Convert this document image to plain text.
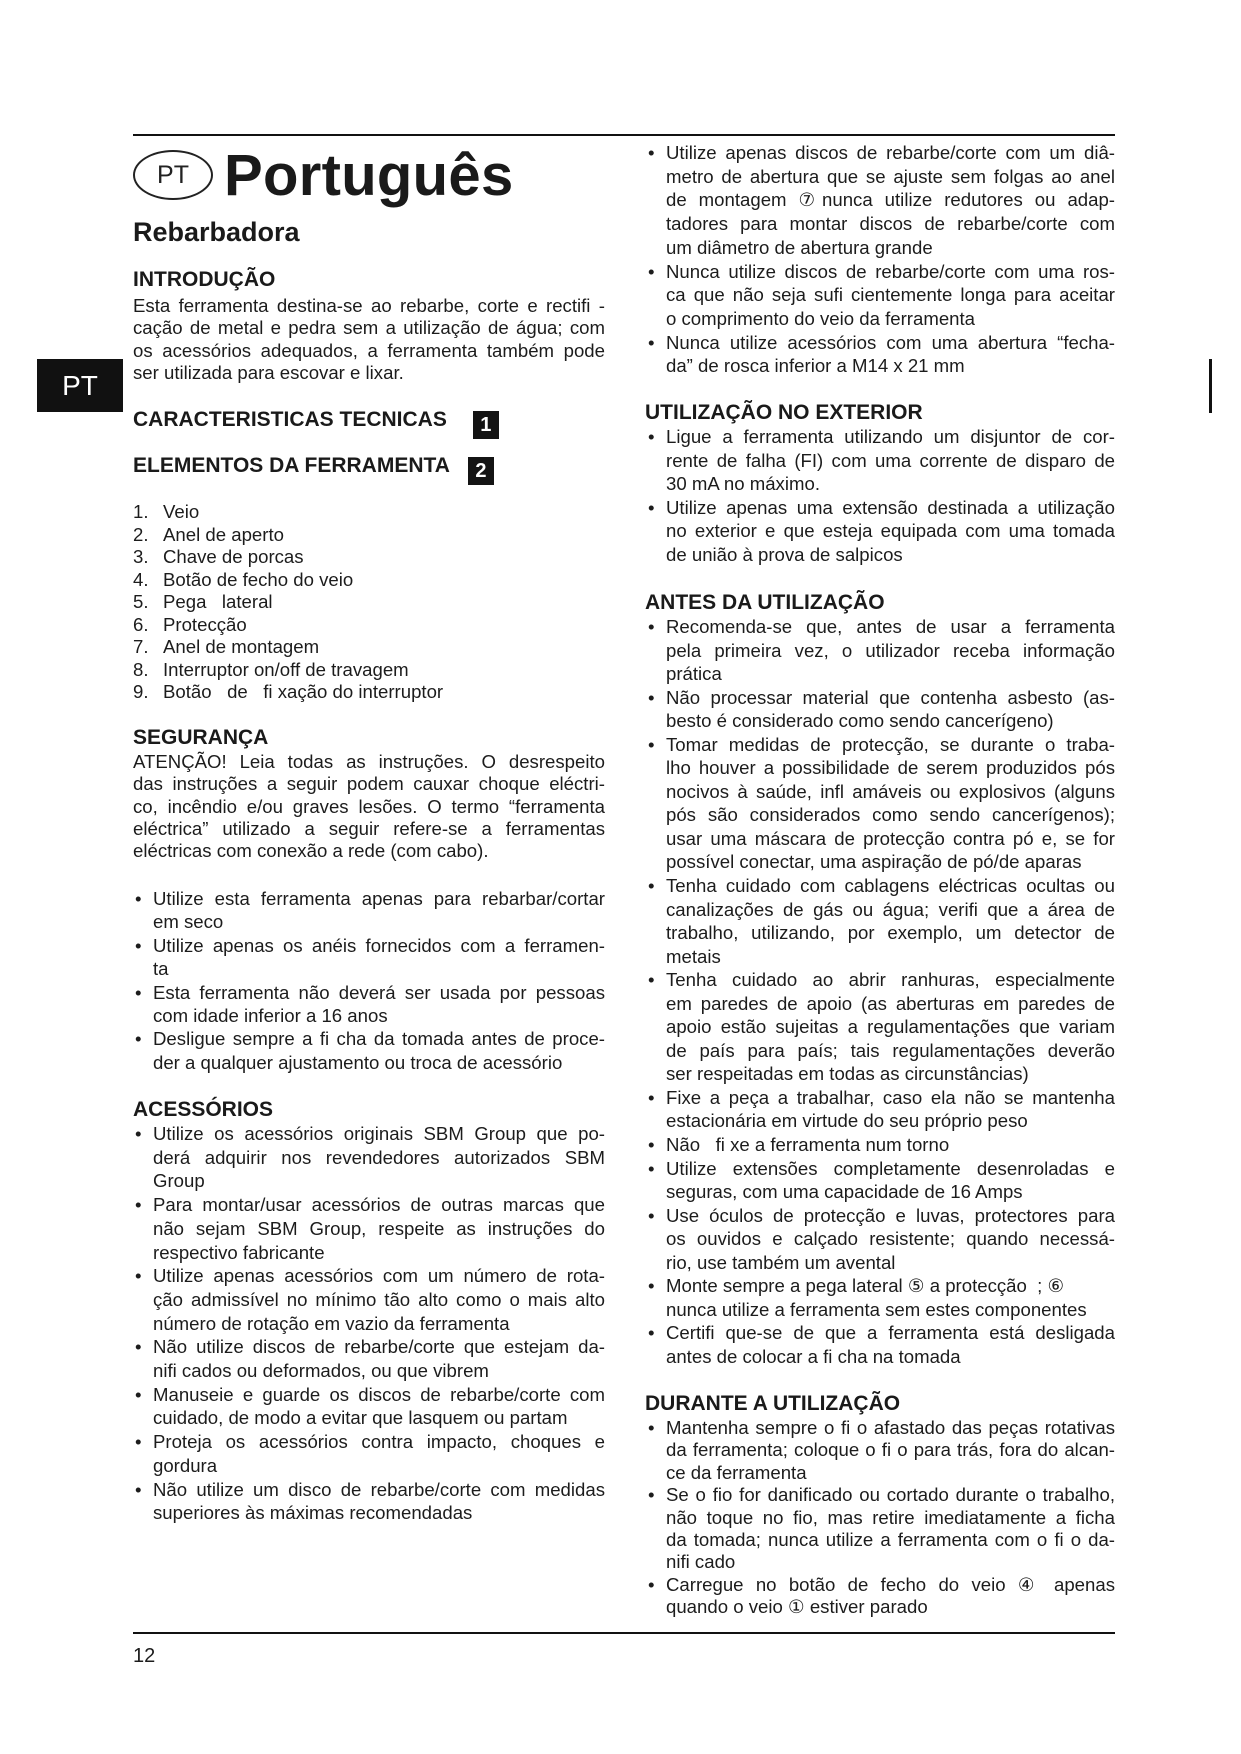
PT
PT Português
Rebarbadora
INTRODUÇÃO
Esta ferramenta destina-se ao rebarbe, corte e rectifi -
cação de metal e pedra sem a utilização de água; com
os acessórios adequados, a ferramenta também pode
ser utilizada para escovar e lixar.
CARACTERISTICAS TECNICAS 1
ELEMENTOS DA FERRAMENTA 2
1. Veio
2. Anel de aperto
3. Chave de porcas
4. Botão de fecho do veio
5. Pega   lateral
6. Protecção
7. Anel de montagem
8. Interruptor on/off de travagem
9. Botão   de   fi xação do interruptor
SEGURANÇA
ATENÇÃO! Leia todas as instruções. O desrespeito
das instruções a seguir podem cauxar choque eléctri-
co, incêndio e/ou graves lesões. O termo “ferramenta
eléctrica” utilizado a seguir refere-se a ferramentas
eléctricas com conexão a rede (com cabo).
• Utilize esta ferramenta apenas para rebarbar/cortar
em seco
• Utilize apenas os anéis fornecidos com a ferramen-
ta
• Esta ferramenta não deverá ser usada por pessoas
com idade inferior a 16 anos
• Desligue sempre a fi cha da tomada antes de proce-
der a qualquer ajustamento ou troca de acessório
ACESSÓRIOS
• Utilize os acessórios originais SBM Group que po-
derá adquirir nos revendedores autorizados SBM
Group
• Para montar/usar acessórios de outras marcas que
não sejam SBM Group, respeite as instruções do
respectivo fabricante
• Utilize apenas acessórios com um número de rota-
ção admissível no mínimo tão alto como o mais alto
número de rotação em vazio da ferramenta
• Não utilize discos de rebarbe/corte que estejam da-
nifi cados ou deformados, ou que vibrem
• Manuseie e guarde os discos de rebarbe/corte com
cuidado, de modo a evitar que lasquem ou partam
• Proteja os acessórios contra impacto, choques e
gordura
• Não utilize um disco de rebarbe/corte com medidas
superiores às máximas recomendadas
• Utilize apenas discos de rebarbe/corte com um diâ-
metro de abertura que se ajuste sem folgas ao anel
de montagem ⑦nunca utilize redutores ou adap-
tadores para montar discos de rebarbe/corte com
um diâmetro de abertura grande
• Nunca utilize discos de rebarbe/corte com uma ros-
ca que não seja sufi cientemente longa para aceitar
o comprimento do veio da ferramenta
• Nunca utilize acessórios com uma abertura “fecha-
da” de rosca inferior a M14 x 21 mm
UTILIZAÇÃO NO EXTERIOR
• Ligue a ferramenta utilizando um disjuntor de cor-
rente de falha (FI) com uma corrente de disparo de
30 mA no máximo.
• Utilize apenas uma extensão destinada a utilização
no exterior e que esteja equipada com uma tomada
de união à prova de salpicos
ANTES DA UTILIZAÇÃO
• Recomenda-se que, antes de usar a ferramenta
pela primeira vez, o utilizador receba informação
prática
• Não processar material que contenha asbesto (as-
besto é considerado como sendo cancerígeno)
• Tomar medidas de protecção, se durante o traba-
lho houver a possibilidade de serem produzidos pós
nocivos à saúde, infl amáveis ou explosivos (alguns
pós são considerados como sendo cancerígenos);
usar uma máscara de protecção contra pó e, se for
possível conectar, uma aspiração de pó/de aparas
• Tenha cuidado com cablagens eléctricas ocultas ou
canalizações de gás ou água; verifi que a área de
trabalho, utilizando, por exemplo, um detector de
metais
• Tenha cuidado ao abrir ranhuras, especialmente
em paredes de apoio (as aberturas em paredes de
apoio estão sujeitas a regulamentações que variam
de país para país; tais regulamentações deverão
ser respeitadas em todas as circunstâncias)
• Fixe a peça a trabalhar, caso ela não se mantenha
estacionária em virtude do seu próprio peso
• Não   fi xe a ferramenta num torno
• Utilize extensões completamente desenroladas e
seguras, com uma capacidade de 16 Amps
• Use óculos de protecção e luvas, protectores para
os ouvidos e calçado resistente; quando necessá-
rio, use também um avental
• Monte sempre a pega lateral ⑤ a protecção  ; ⑥
nunca utilize a ferramenta sem estes componentes
• Certifi que-se de que a ferramenta está desligada
antes de colocar a fi cha na tomada
DURANTE A UTILIZAÇÃO
• Mantenha sempre o fi o afastado das peças rotativas
da ferramenta; coloque o fi o para trás, fora do alcan-
ce da ferramenta
• Se o fio for danificado ou cortado durante o trabalho,
não toque no fio, mas retire imediatamente a ficha
da tomada; nunca utilize a ferramenta com o fi o da-
nifi cado
• Carregue no botão de fecho do veio ④ apenas
quando o veio ① estiver parado
12
